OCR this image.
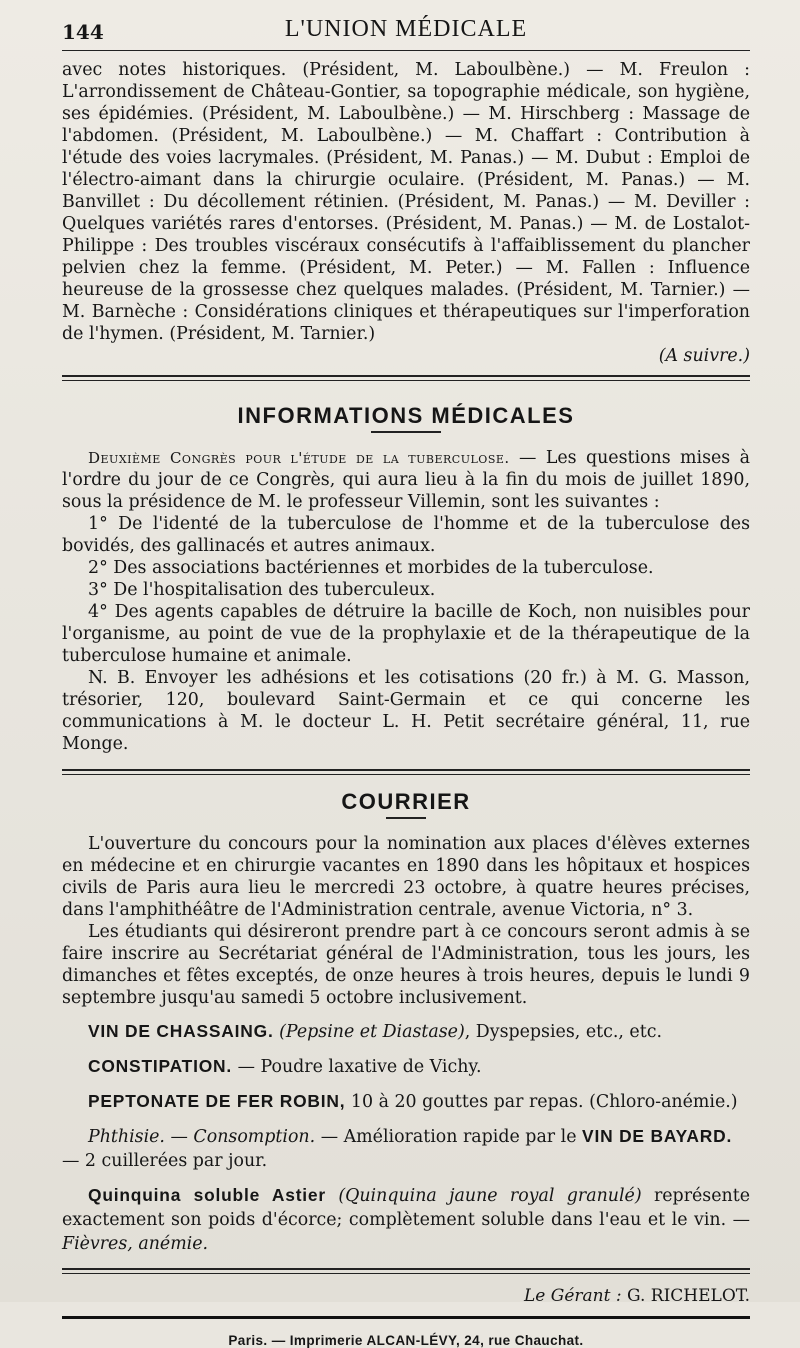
144	L'UNION MÉDICALE

avec notes historiques. (Président, M. Laboulbène.) — M. Freulon : L'arrondissement de Château-Gontier, sa topographie médicale, son hygiène, ses épidémies. (Président, M. Laboulbène.) — M. Hirschberg : Massage de l'abdomen. (Président, M. Laboulbène.) — M. Chaffart : Contribution à l'étude des voies lacrymales. (Président, M. Panas.) — M. Dubut : Emploi de l'électro-aimant dans la chirurgie oculaire. (Président, M. Panas.) — M. Banvillet : Du décollement rétinien. (Président, M. Panas.) — M. Deviller : Quelques variétés rares d'entorses. (Président, M. Panas.) — M. de Lostalot-Philippe : Des troubles viscéraux consécutifs à l'affaiblissement du plancher pelvien chez la femme. (Président, M. Peter.) — M. Fallen : Influence heureuse de la grossesse chez quelques malades. (Président, M. Tarnier.) — M. Barnèche : Considérations cliniques et thérapeutiques sur l'imperforation de l'hymen. (Président, M. Tarnier.)
(A suivre.)

INFORMATIONS MÉDICALES

Deuxième Congrès pour l'étude de la tuberculose. — Les questions mises à l'ordre du jour de ce Congrès, qui aura lieu à la fin du mois de juillet 1890, sous la présidence de M. le professeur Villemin, sont les suivantes :

1° De l'identé de la tuberculose de l'homme et de la tuberculose des bovidés, des gallinacés et autres animaux.

2° Des associations bactériennes et morbides de la tuberculose.

3° De l'hospitalisation des tuberculeux.

4° Des agents capables de détruire la bacille de Koch, non nuisibles pour l'organisme, au point de vue de la prophylaxie et de la thérapeutique de la tuberculose humaine et animale.

N. B. Envoyer les adhésions et les cotisations (20 fr.) à M. G. Masson, trésorier, 120, boulevard Saint-Germain et ce qui concerne les communications à M. le docteur L. H. Petit secrétaire général, 11, rue Monge.

COURRIER

L'ouverture du concours pour la nomination aux places d'élèves externes en médecine et en chirurgie vacantes en 1890 dans les hôpitaux et hospices civils de Paris aura lieu le mercredi 23 octobre, à quatre heures précises, dans l'amphithéâtre de l'Administration centrale, avenue Victoria, n° 3.

Les étudiants qui désireront prendre part à ce concours seront admis à se faire inscrire au Secrétariat général de l'Administration, tous les jours, les dimanches et fêtes exceptés, de onze heures à trois heures, depuis le lundi 9 septembre jusqu'au samedi 5 octobre inclusivement.

VIN DE CHASSAING. (Pepsine et Diastase), Dyspepsies, etc., etc.
CONSTIPATION. — Poudre laxative de Vichy.
PEPTONATE DE FER ROBIN, 10 à 20 gouttes par repas. (Chloro-anémie.)
Phthisie. — Consomption. — Amélioration rapide par le VIN DE BAYARD. — 2 cuillerées par jour.
Quinquina soluble Astier (Quinquina jaune royal granulé) représente exactement son poids d'écorce; complètement soluble dans l'eau et le vin. — Fièvres, anémie.
Le Gérant : G. RICHELOT.
Paris. — Imprimerie ALCAN-LÉVY, 24, rue Chauchat.
